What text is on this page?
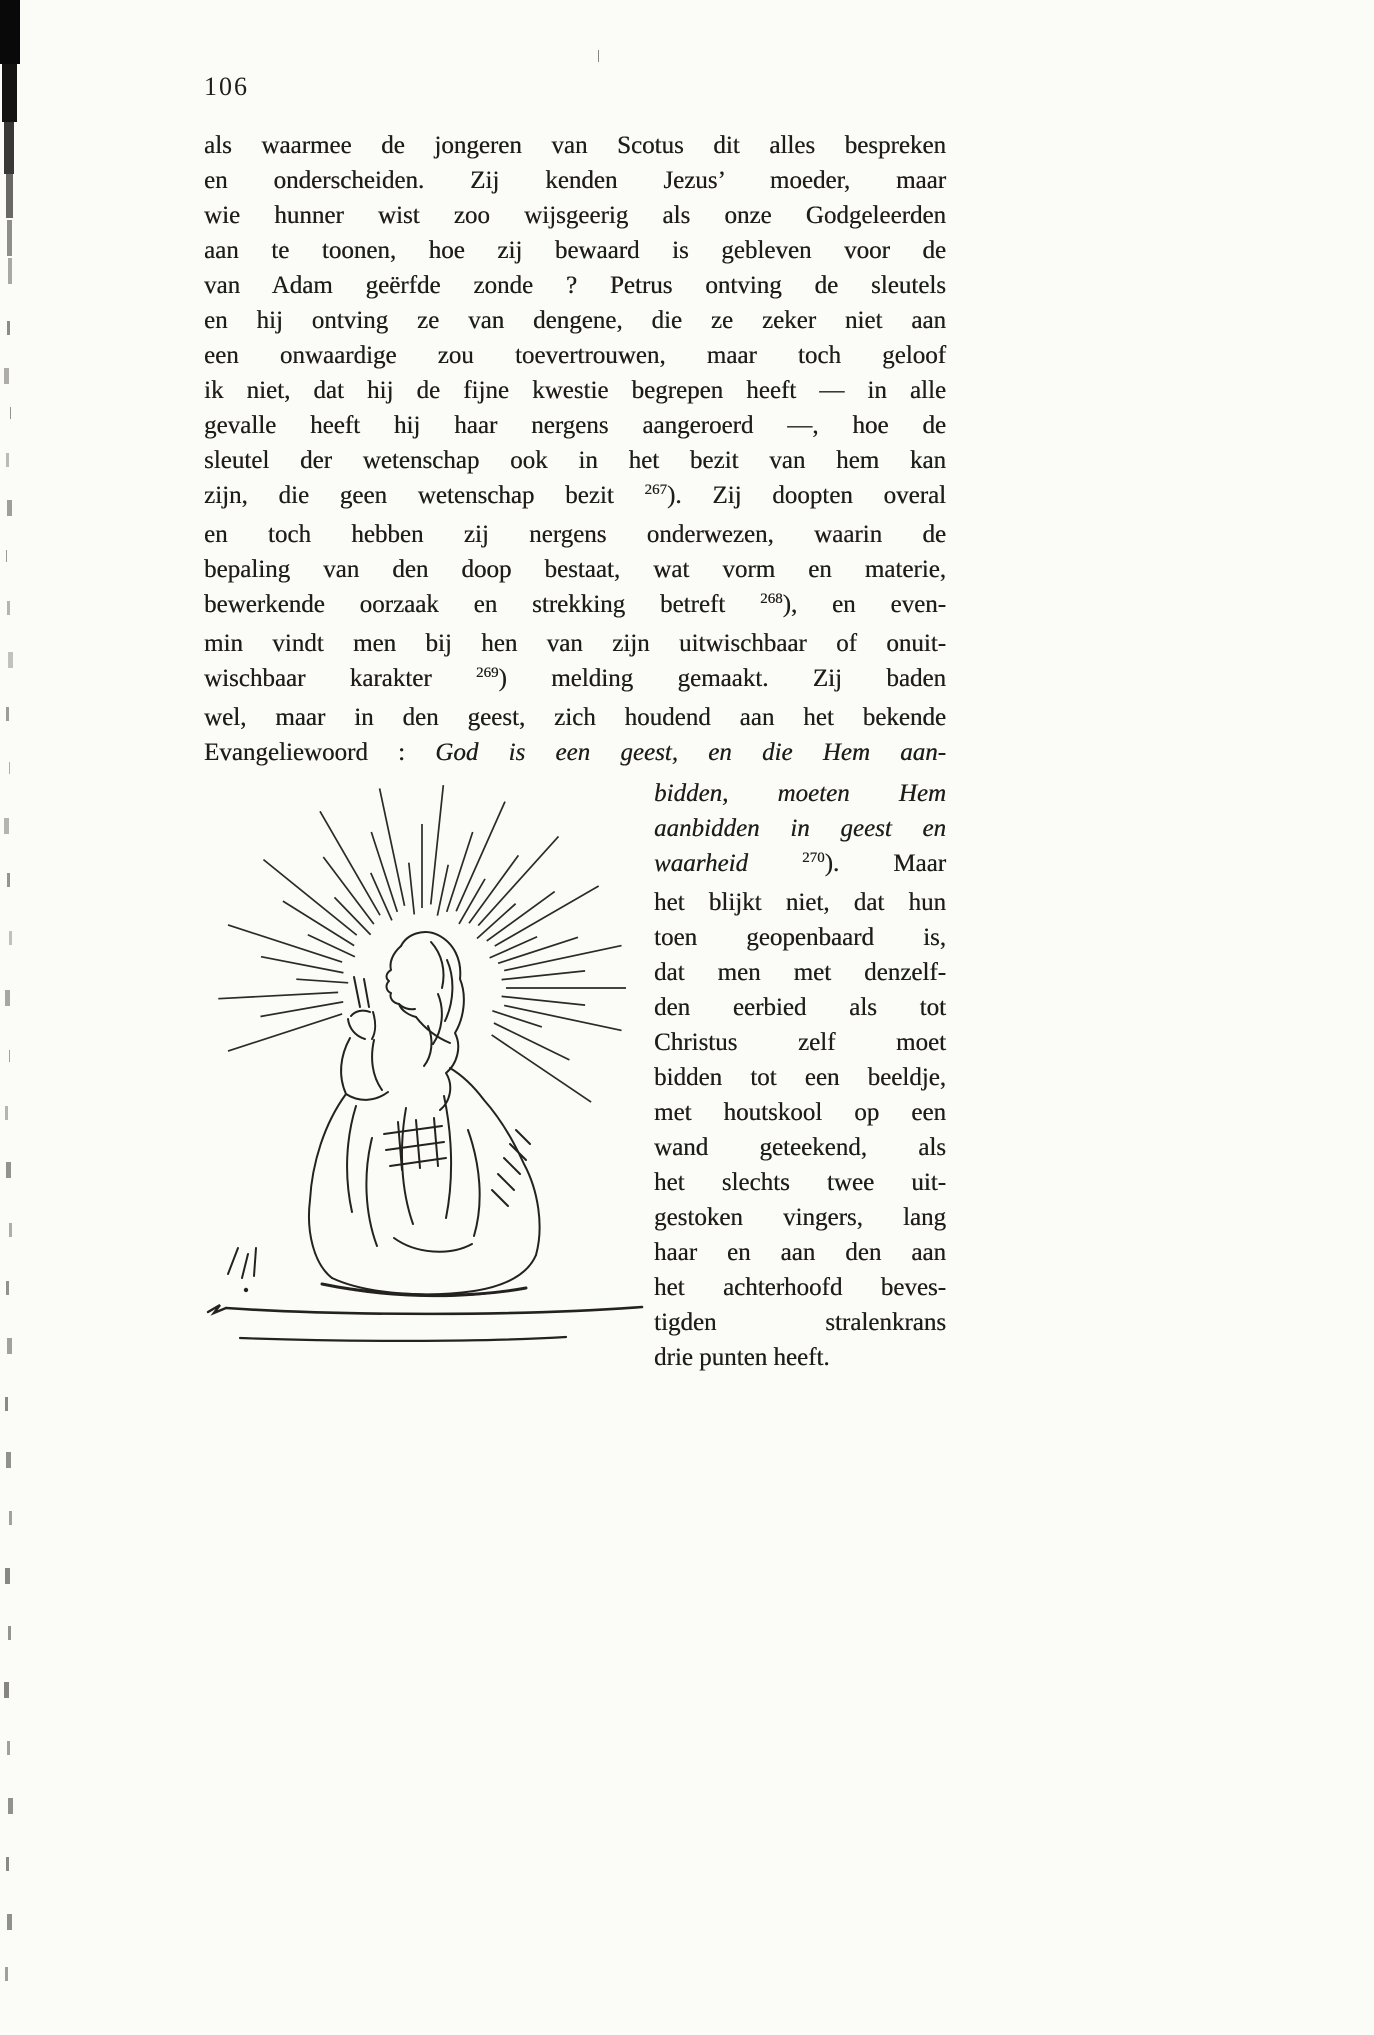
106
als waarmee de jongeren van Scotus dit alles bespreken
en onderscheiden. Zij kenden Jezus’ moeder, maar
wie hunner wist zoo wijsgeerig als onze Godgeleerden
aan te toonen, hoe zij bewaard is gebleven voor de
van Adam geërfde zonde ? Petrus ontving de sleutels
en hij ontving ze van dengene, die ze zeker niet aan
een onwaardige zou toevertrouwen, maar toch geloof
ik niet, dat hij de fijne kwestie begrepen heeft — in alle
gevalle heeft hij haar nergens aangeroerd —, hoe de
sleutel der wetenschap ook in het bezit van hem kan
zijn, die geen wetenschap bezit $^{267}$). Zij doopten overal
en toch hebben zij nergens onderwezen, waarin de
bepaling van den doop bestaat, wat vorm en materie,
bewerkende oorzaak en strekking betreft $^{268}$), en even-
min vindt men bij hen van zijn uitwischbaar of onuit-
wischbaar karakter	$^{269}$) melding gemaakt. Zij baden
wel, maar in den geest, zich houdend aan het bekende
Evangeliewoord : God is een geest, en die Hem aan-
bidden, moeten Hem
aanbidden in geest en
waarheid	$^{270}$). Maar
het blijkt niet, dat hun
toen geopenbaard is,
dat men met denzelf-
den eerbied als tot
Christus zelf moet
bidden tot een beeldje,
met houtskool op een
wand geteekend, als
het slechts twee uit-
gestoken vingers, lang
haar en aan den aan
het achterhoofd beves-
tigden stralenkrans
drie punten heeft.
